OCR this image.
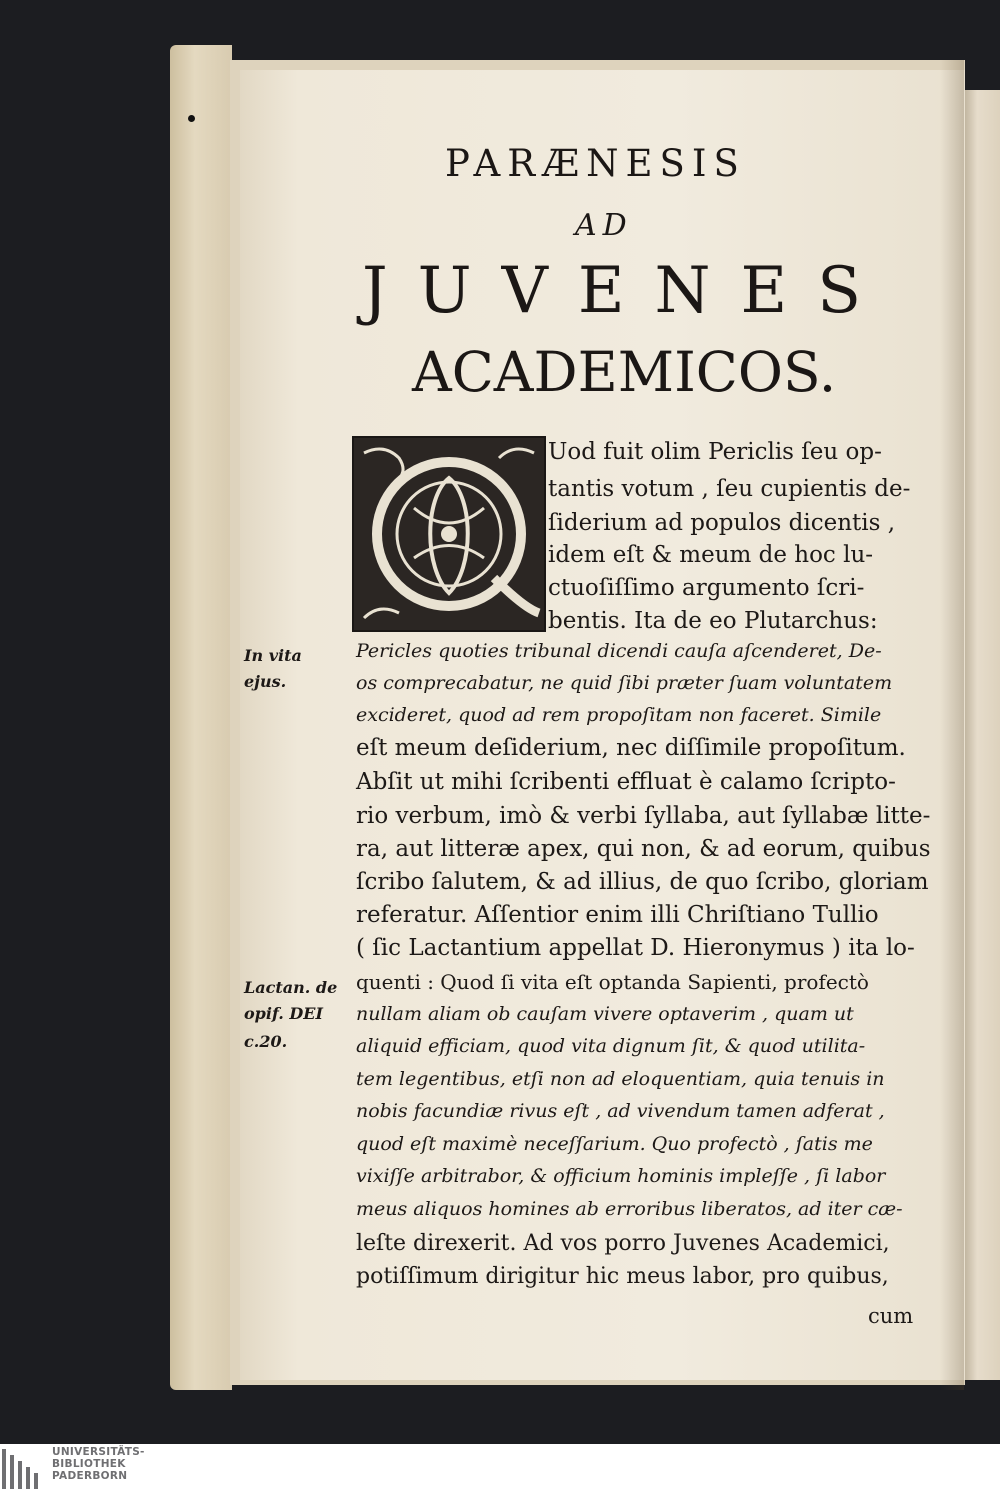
PARÆNESIS
AD
JUVENES
ACADEMICOS.
Uod fuit olim Periclis ſeu op-
tantis votum , ſeu cupientis de-
ſiderium ad populos dicentis ,
idem eſt & meum de hoc lu-
ctuoſiſſimo argumento ſcri-
bentis. Ita de eo Plutarchus:
Pericles quoties tribunal dicendi cauſa aſcenderet, De-
os comprecabatur, ne quid ſibi præter ſuam voluntatem
excideret, quod ad rem propoſitam non faceret. Simile
eſt meum deſiderium, nec diſſimile propoſitum.
Abſit ut mihi ſcribenti effluat è calamo ſcripto-
rio verbum, imò & verbi ſyllaba, aut ſyllabæ litte-
ra, aut litteræ apex, qui non, & ad eorum, quibus
ſcribo ſalutem, & ad illius, de quo ſcribo, gloriam
referatur. Aſſentior enim illi Chriſtiano Tullio
( ſic Lactantium appellat D. Hieronymus ) ita lo-
quenti : Quod ſi vita eſt optanda Sapienti, profectò
nullam aliam ob cauſam vivere optaverim , quam ut
aliquid efficiam, quod vita dignum ſit, & quod utilita-
tem legentibus, etſi non ad eloquentiam, quia tenuis in
nobis facundiæ rivus eſt , ad vivendum tamen adferat ,
quod eſt maximè neceſſarium. Quo profectò , ſatis me
vixiſſe arbitrabor, & officium hominis impleſſe , ſi labor
meus aliquos homines ab erroribus liberatos, ad iter cæ-
leſte direxerit. Ad vos porro Juvenes Academici,
potiſſimum dirigitur hic meus labor, pro quibus,
cum
In vita
ejus.
Lactan. de
opif. DEI
c.20.
UNIVERSITÄTS-
BIBLIOTHEK
PADERBORN
